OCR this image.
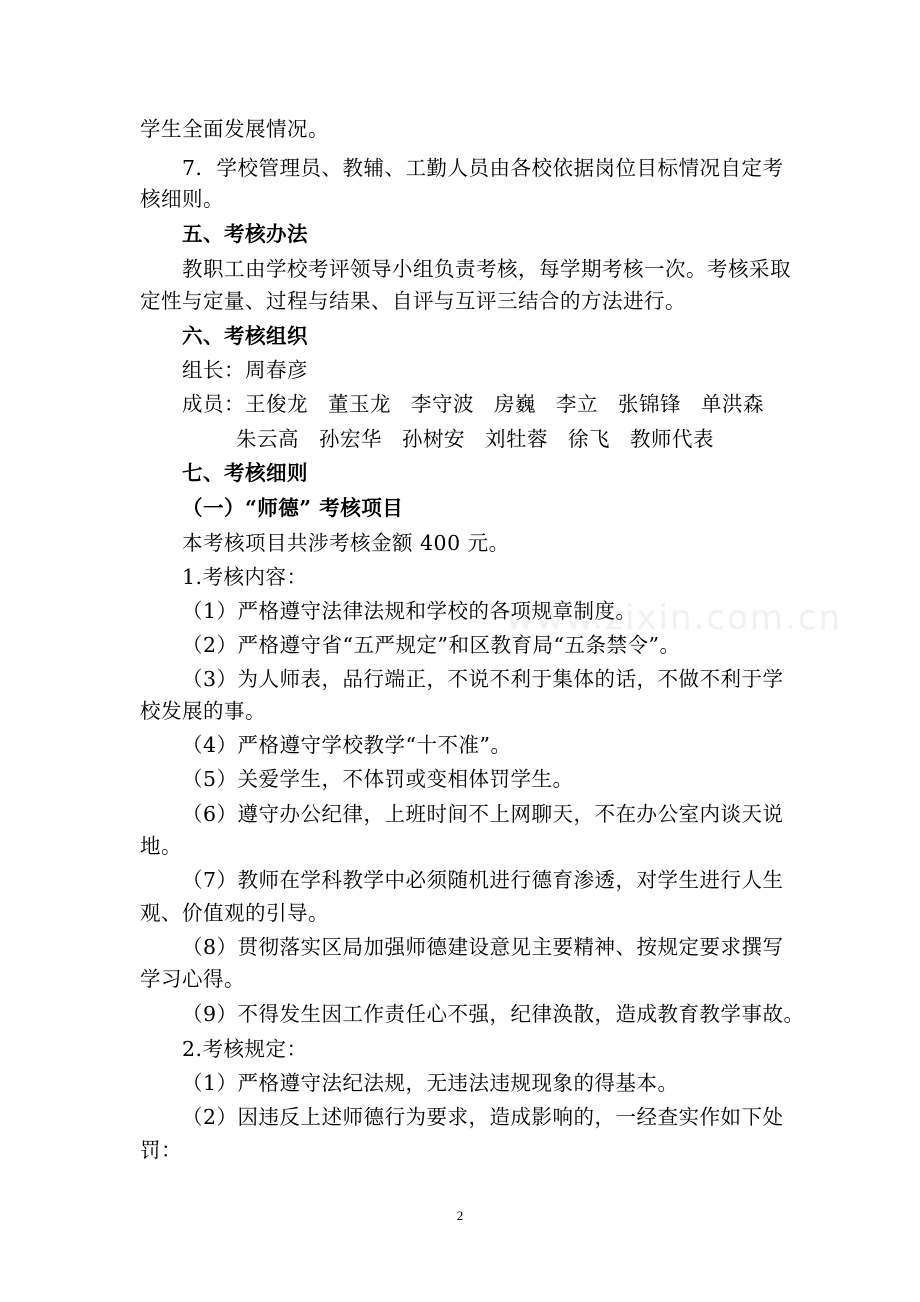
www.zixin.com.cn
学生全面发展情况。
7．学校管理员、教辅、工勤人员由各校依据岗位目标情况自定考
核细则。
五、考核办法
教职工由学校考评领导小组负责考核，每学期考核一次。考核采取
定性与定量、过程与结果、自评与互评三结合的方法进行。
六、考核组织
组长：周春彦
成员：王俊龙 董玉龙 李守波 房巍 李立 张锦锋 单洪森
朱云高 孙宏华 孙树安 刘牡蓉 徐飞 教师代表
七、考核细则
（一）“师德” 考核项目
本考核项目共涉考核金额 400 元。
1.考核内容：
（1）严格遵守法律法规和学校的各项规章制度。
（2）严格遵守省“五严规定”和区教育局“五条禁令”。
（3）为人师表，品行端正，不说不利于集体的话，不做不利于学
校发展的事。
（4）严格遵守学校教学“十不准”。
（5）关爱学生，不体罚或变相体罚学生。
（6）遵守办公纪律，上班时间不上网聊天，不在办公室内谈天说
地。
（7）教师在学科教学中必须随机进行德育渗透，对学生进行人生
观、价值观的引导。
（8）贯彻落实区局加强师德建设意见主要精神、按规定要求撰写
学习心得。
（9）不得发生因工作责任心不强，纪律涣散，造成教育教学事故。
2.考核规定：
（1）严格遵守法纪法规，无违法违规现象的得基本。
（2）因违反上述师德行为要求，造成影响的，一经查实作如下处
罚：
2
